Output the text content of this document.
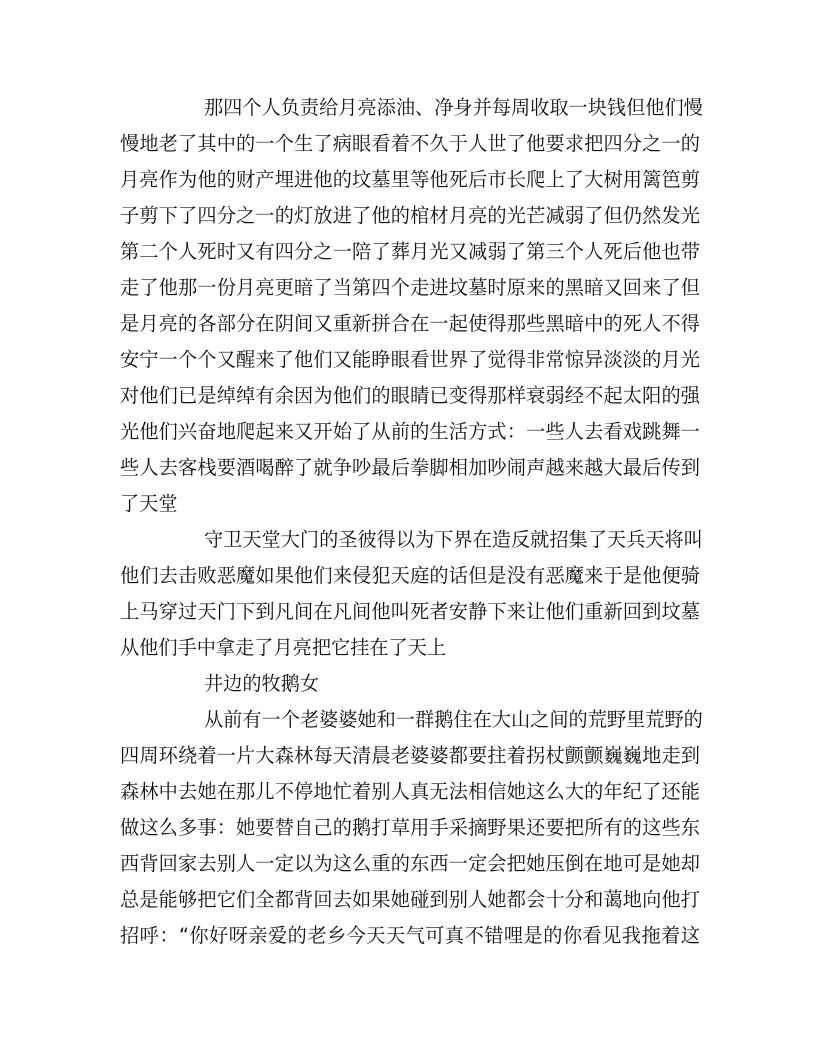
那四个人负责给月亮添油、净身并每周收取一块钱但他们慢
慢地老了其中的一个生了病眼看着不久于人世了他要求把四分之一的
月亮作为他的财产埋进他的坟墓里等他死后市长爬上了大树用篱笆剪
子剪下了四分之一的灯放进了他的棺材月亮的光芒减弱了但仍然发光
第二个人死时又有四分之一陪了葬月光又减弱了第三个人死后他也带
走了他那一份月亮更暗了当第四个走进坟墓时原来的黑暗又回来了但
是月亮的各部分在阴间又重新拼合在一起使得那些黑暗中的死人不得
安宁一个个又醒来了他们又能睁眼看世界了觉得非常惊异淡淡的月光
对他们已是绰绰有余因为他们的眼睛已变得那样衰弱经不起太阳的强
光他们兴奋地爬起来又开始了从前的生活方式：一些人去看戏跳舞一
些人去客栈要酒喝醉了就争吵最后拳脚相加吵闹声越来越大最后传到
了天堂
守卫天堂大门的圣彼得以为下界在造反就招集了天兵天将叫
他们去击败恶魔如果他们来侵犯天庭的话但是没有恶魔来于是他便骑
上马穿过天门下到凡间在凡间他叫死者安静下来让他们重新回到坟墓
从他们手中拿走了月亮把它挂在了天上
井边的牧鹅女
从前有一个老婆婆她和一群鹅住在大山之间的荒野里荒野的
四周环绕着一片大森林每天清晨老婆婆都要拄着拐杖颤颤巍巍地走到
森林中去她在那儿不停地忙着别人真无法相信她这么大的年纪了还能
做这么多事：她要替自己的鹅打草用手采摘野果还要把所有的这些东
西背回家去别人一定以为这么重的东西一定会把她压倒在地可是她却
总是能够把它们全都背回去如果她碰到别人她都会十分和蔼地向他打
招呼：“你好呀亲爱的老乡今天天气可真不错哩是的你看见我拖着这
